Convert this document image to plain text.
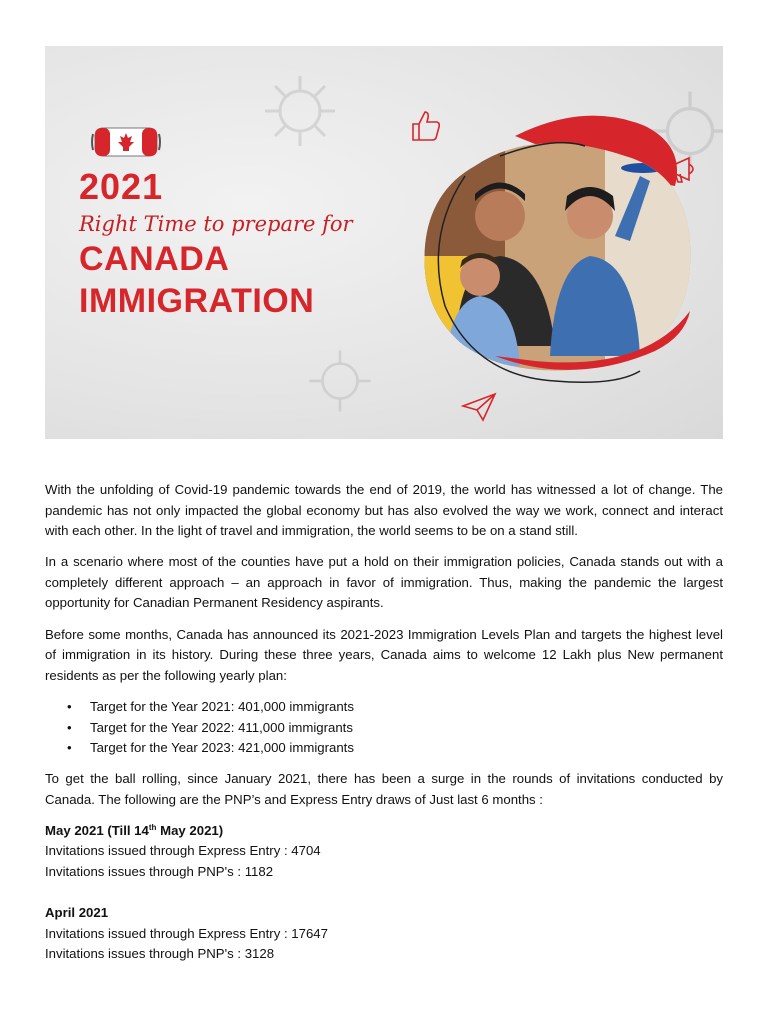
2021
Right Time to prepare for
CANADA
IMMIGRATION

With the unfolding of Covid-19 pandemic towards the end of 2019, the world has witnessed a lot of change. The pandemic has not only impacted the global economy but has also evolved the way we work, connect and interact with each other. In the light of travel and immigration, the world seems to be on a stand still.

In a scenario where most of the counties have put a hold on their immigration policies, Canada stands out with a completely different approach – an approach in favor of immigration. Thus, making the pandemic the largest opportunity for Canadian Permanent Residency aspirants.

Before some months, Canada has announced its 2021-2023 Immigration Levels Plan and targets the highest level of immigration in its history. During these three years, Canada aims to welcome 12 Lakh plus New permanent residents as per the following yearly plan:

• Target for the Year 2021: 401,000 immigrants
• Target for the Year 2022: 411,000 immigrants
• Target for the Year 2023: 421,000 immigrants

To get the ball rolling, since January 2021, there has been a surge in the rounds of invitations conducted by Canada. The following are the PNP’s and Express Entry draws of Just last 6 months :

May 2021 (Till 14th May 2021)
Invitations issued through Express Entry : 4704
Invitations issues through PNP's : 1182
April 2021
Invitations issued through Express Entry : 17647
Invitations issues through PNP's : 3128
